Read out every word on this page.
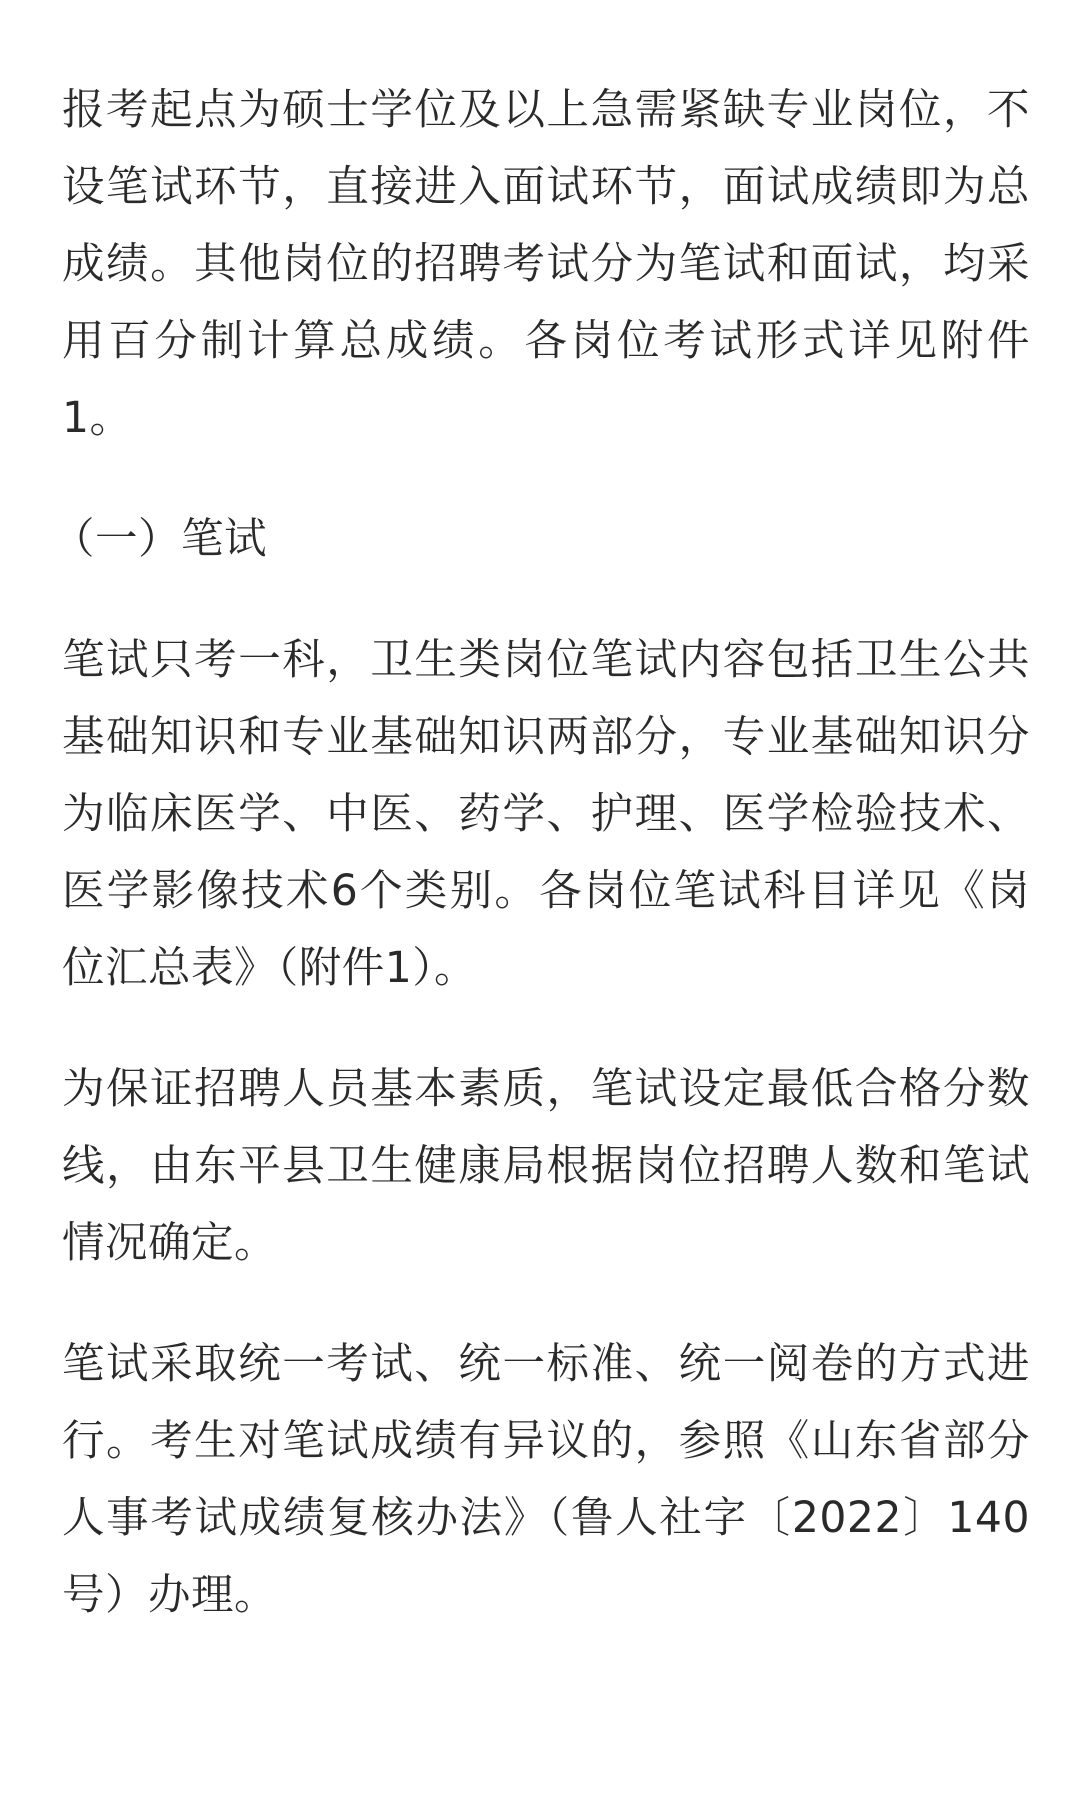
报考起点为硕士学位及以上急需紧缺专业岗位，不设笔试环节，直接进入面试环节，面试成绩即为总成绩。其他岗位的招聘考试分为笔试和面试，均采用百分制计算总成绩。各岗位考试形式详见附件1。

（一）笔试

笔试只考一科，卫生类岗位笔试内容包括卫生公共基础知识和专业基础知识两部分，专业基础知识分为临床医学、中医、药学、护理、医学检验技术、医学影像技术6个类别。各岗位笔试科目详见《岗位汇总表》（附件1）。

为保证招聘人员基本素质，笔试设定最低合格分数线，由东平县卫生健康局根据岗位招聘人数和笔试情况确定。

笔试采取统一考试、统一标准、统一阅卷的方式进行。考生对笔试成绩有异议的，参照《山东省部分人事考试成绩复核办法》（鲁人社字〔2022〕140号）办理。
